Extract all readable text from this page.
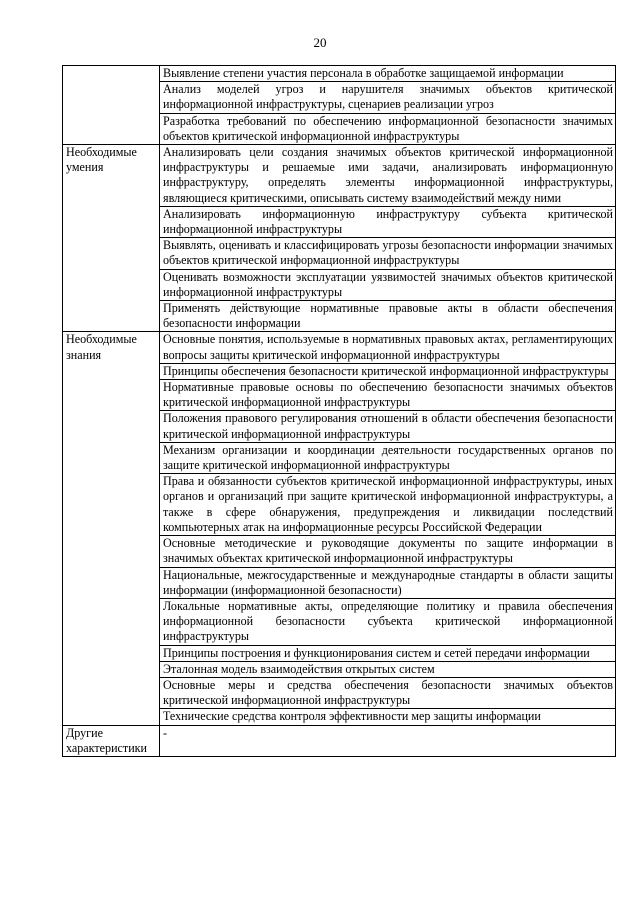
20
	Выявление степени участия персонала в обработке защищаемой информации
	Анализ моделей угроз и нарушителя значимых объектов критической информационной инфраструктуры, сценариев реализации угроз
	Разработка требований по обеспечению информационной безопасности значимых объектов критической информационной инфраструктуры
Необходимые умения	Анализировать цели создания значимых объектов критической информационной инфраструктуры и решаемые ими задачи, анализировать информационную инфраструктуру, определять элементы информационной инфраструктуры, являющиеся критическими, описывать систему взаимодействий между ними
	Анализировать информационную инфраструктуру субъекта критической информационной инфраструктуры
	Выявлять, оценивать и классифицировать угрозы безопасности информации значимых объектов критической информационной инфраструктуры
	Оценивать возможности эксплуатации уязвимостей значимых объектов критической информационной инфраструктуры
	Применять действующие нормативные правовые акты в области обеспечения безопасности информации
Необходимые знания	Основные понятия, используемые в нормативных правовых актах, регламентирующих вопросы защиты критической информационной инфраструктуры
	Принципы обеспечения безопасности критической информационной инфраструктуры
	Нормативные правовые основы по обеспечению безопасности значимых объектов критической информационной инфраструктуры
	Положения правового регулирования отношений в области обеспечения безопасности критической информационной инфраструктуры
	Механизм организации и координации деятельности государственных органов по защите критической информационной инфраструктуры
	Права и обязанности субъектов критической информационной инфраструктуры, иных органов и организаций при защите критической информационной инфраструктуры, а также в сфере обнаружения, предупреждения и ликвидации последствий компьютерных атак на информационные ресурсы Российской Федерации
	Основные методические и руководящие документы по защите информации в значимых объектах критической информационной инфраструктуры
	Национальные, межгосударственные и международные стандарты в области защиты информации (информационной безопасности)
	Локальные нормативные акты, определяющие политику и правила обеспечения информационной безопасности субъекта критической информационной инфраструктуры
	Принципы построения и функционирования систем и сетей передачи информации
	Эталонная модель взаимодействия открытых систем
	Основные меры и средства обеспечения безопасности значимых объектов критической информационной инфраструктуры
	Технические средства контроля эффективности мер защиты информации
Другие характеристики	-
